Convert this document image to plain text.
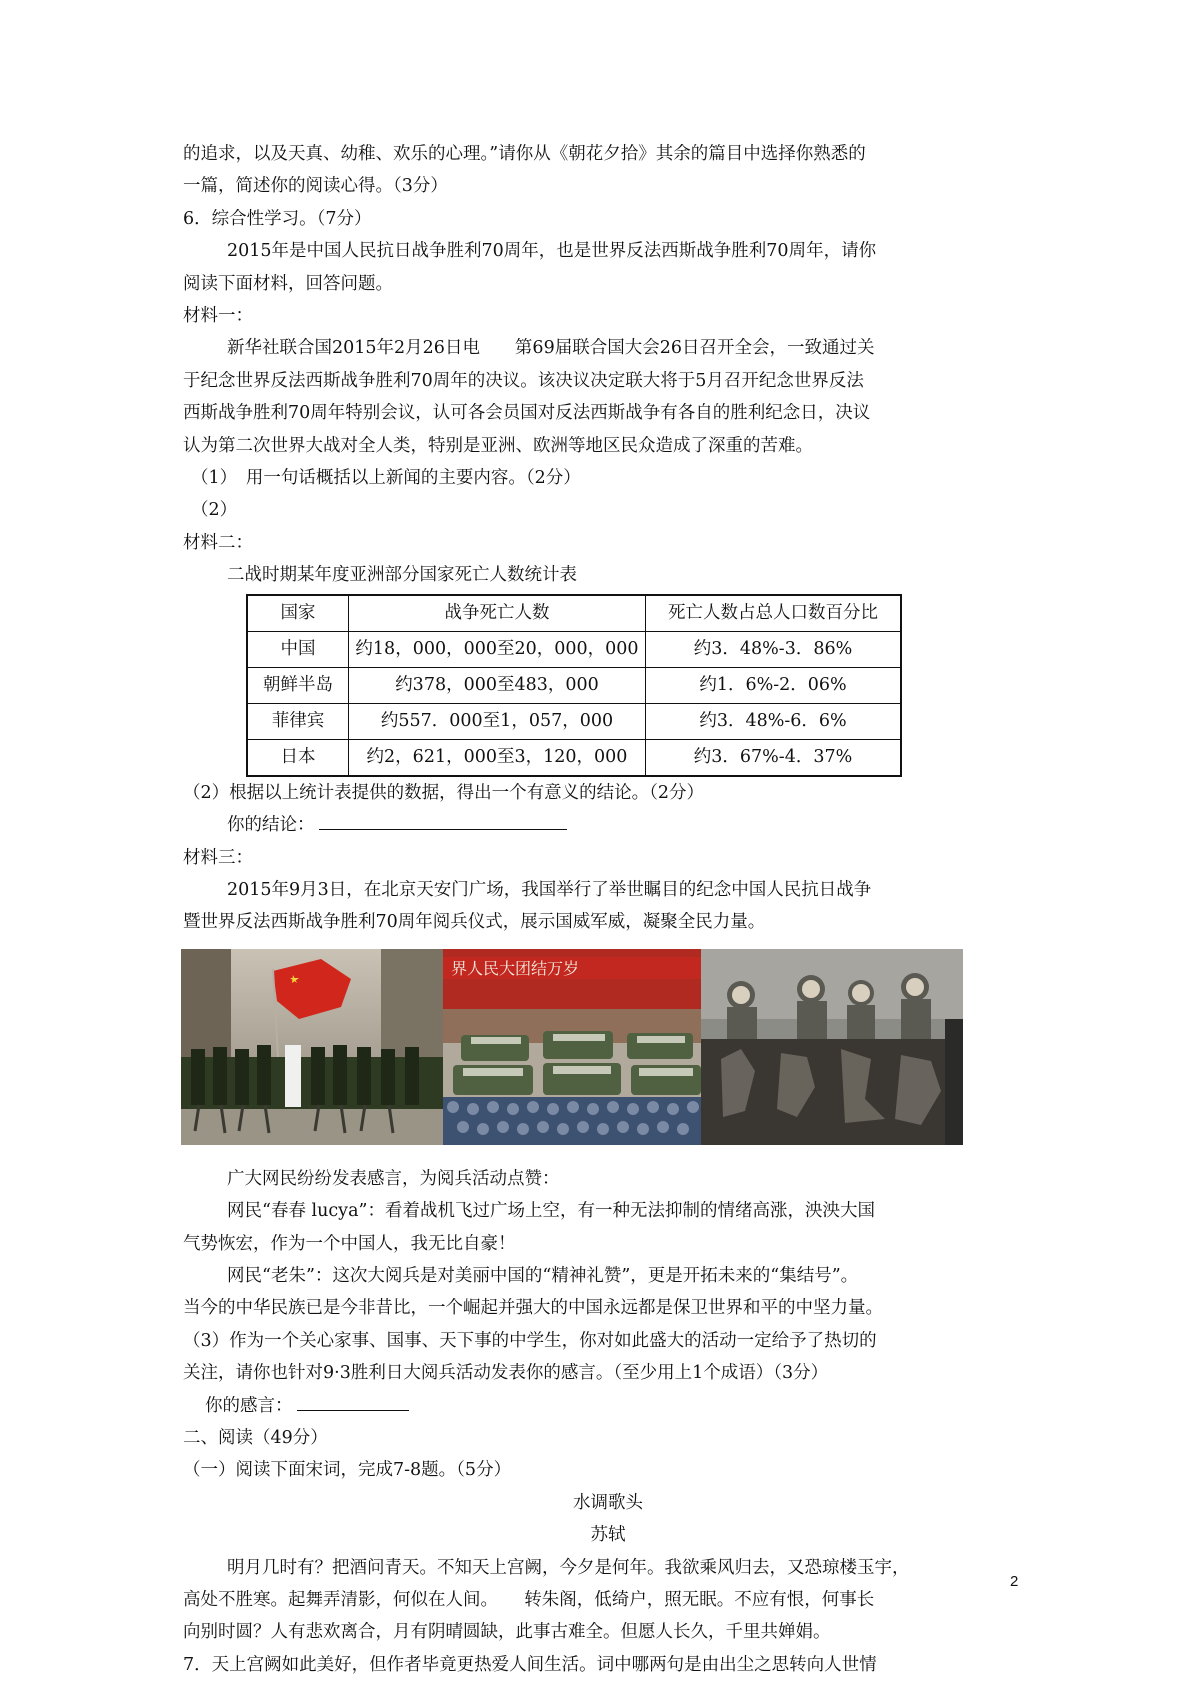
的追求，以及天真、幼稚、欢乐的心理。”请你从《朝花夕拾》其余的篇目中选择你熟悉的

一篇，简述你的阅读心得。（3分）

6．综合性学习。（7分）

2015年是中国人民抗日战争胜利70周年，也是世界反法西斯战争胜利70周年，请你

阅读下面材料，回答问题。

材料一：

新华社联合国2015年2月26日电　　第69届联合国大会26日召开全会，一致通过关

于纪念世界反法西斯战争胜利70周年的决议。该决议决定联大将于5月召开纪念世界反法

西斯战争胜利70周年特别会议，认可各会员国对反法西斯战争有各自的胜利纪念日，决议

认为第二次世界大战对全人类，特别是亚洲、欧洲等地区民众造成了深重的苦难。

（1）　用一句话概括以上新闻的主要内容。（2分）

（2）

材料二：

二战时期某年度亚洲部分国家死亡人数统计表

国家	战争死亡人数	死亡人数占总人口数百分比
中国	约18，000，000至20，000，000	约3．48%-3．86%
朝鲜半岛	约378，000至483，000	约1．6%-2．06%
菲律宾	约557．000至1，057，000	约3．48%-6．6%
日本	约2，621，000至3，120，000	约3．67%-4．37%

（2）根据以上统计表提供的数据，得出一个有意义的结论。（2分）

你的结论：

材料三：

2015年9月3日，在北京天安门广场，我国举行了举世瞩目的纪念中国人民抗日战争

暨世界反法西斯战争胜利70周年阅兵仪式，展示国威军威，凝聚全民力量。

界人民大团结万岁

广大网民纷纷发表感言，为阅兵活动点赞：

网民“春春 lucya”：看着战机飞过广场上空，有一种无法抑制的情绪高涨，泱泱大国

气势恢宏，作为一个中国人，我无比自豪！

网民“老朱”：这次大阅兵是对美丽中国的“精神礼赞”，更是开拓未来的“集结号”。

当今的中华民族已是今非昔比，一个崛起并强大的中国永远都是保卫世界和平的中坚力量。

（3）作为一个关心家事、国事、天下事的中学生，你对如此盛大的活动一定给予了热切的

关注，请你也针对9·3胜利日大阅兵活动发表你的感言。（至少用上1个成语）（3分）

你的感言：

二、阅读（49分）

（一）阅读下面宋词，完成7-8题。（5分）

水调歌头

苏轼

明月几时有？把酒问青天。不知天上宫阙，今夕是何年。我欲乘风归去，又恐琼楼玉宇，

高处不胜寒。起舞弄清影，何似在人间。　　转朱阁，低绮户，照无眠。不应有恨，何事长

向别时圆？人有悲欢离合，月有阴晴圆缺，此事古难全。但愿人长久，千里共婵娟。

7．天上宫阙如此美好，但作者毕竟更热爱人间生活。词中哪两句是由出尘之思转向人世情

2
